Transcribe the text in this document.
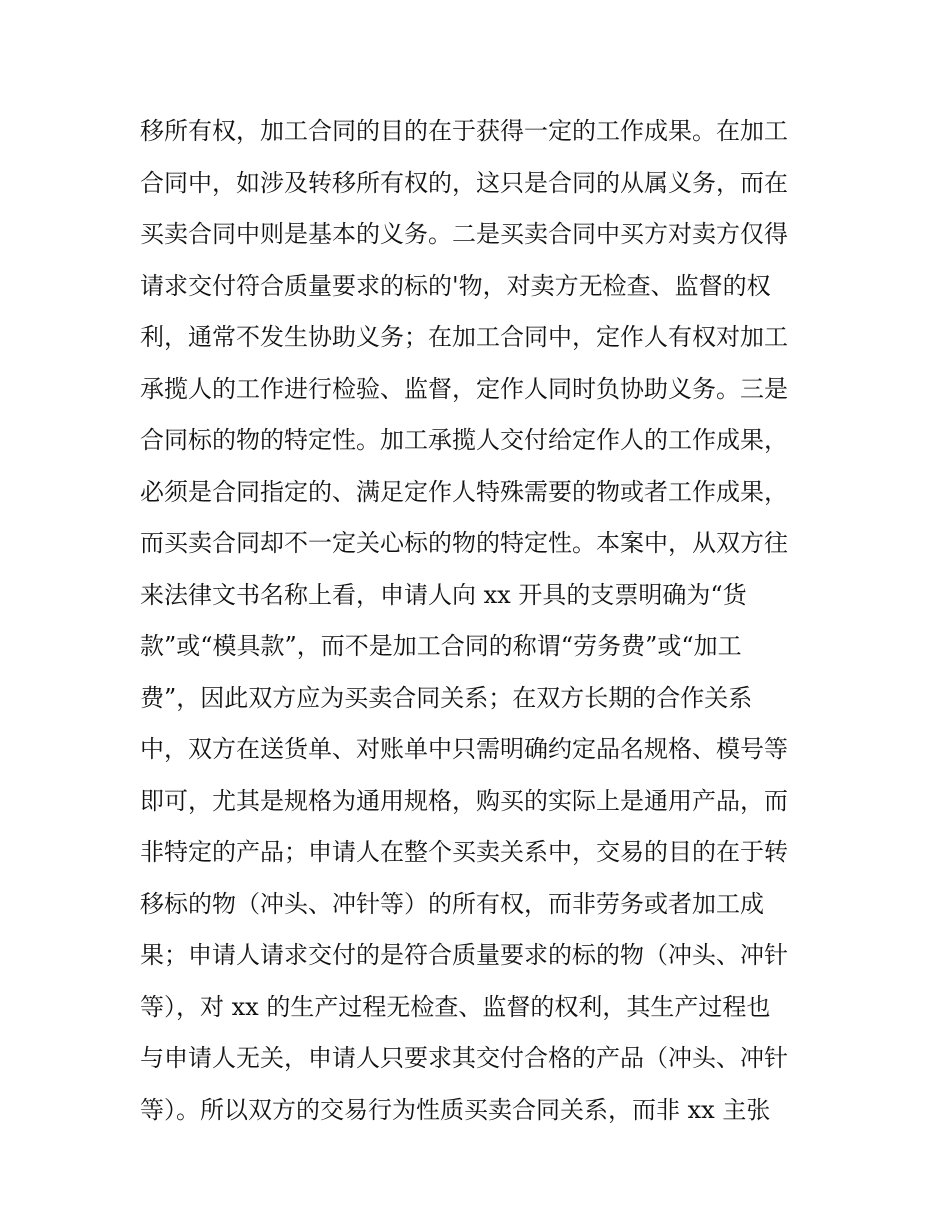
移所有权，加工合同的目的在于获得一定的工作成果。在加工
合同中，如涉及转移所有权的，这只是合同的从属义务，而在
买卖合同中则是基本的义务。二是买卖合同中买方对卖方仅得
请求交付符合质量要求的标的'物，对卖方无检查、监督的权
利，通常不发生协助义务；在加工合同中，定作人有权对加工
承揽人的工作进行检验、监督，定作人同时负协助义务。三是
合同标的物的特定性。加工承揽人交付给定作人的工作成果，
必须是合同指定的、满足定作人特殊需要的物或者工作成果，
而买卖合同却不一定关心标的物的特定性。本案中，从双方往
来法律文书名称上看，申请人向 xx 开具的支票明确为“货
款”或“模具款”，而不是加工合同的称谓“劳务费”或“加工
费”，因此双方应为买卖合同关系；在双方长期的合作关系
中，双方在送货单、对账单中只需明确约定品名规格、模号等
即可，尤其是规格为通用规格，购买的实际上是通用产品，而
非特定的产品；申请人在整个买卖关系中，交易的目的在于转
移标的物（冲头、冲针等）的所有权，而非劳务或者加工成
果；申请人请求交付的是符合质量要求的标的物（冲头、冲针
等），对 xx 的生产过程无检查、监督的权利，其生产过程也
与申请人无关，申请人只要求其交付合格的产品（冲头、冲针
等）。所以双方的交易行为性质买卖合同关系，而非 xx 主张
